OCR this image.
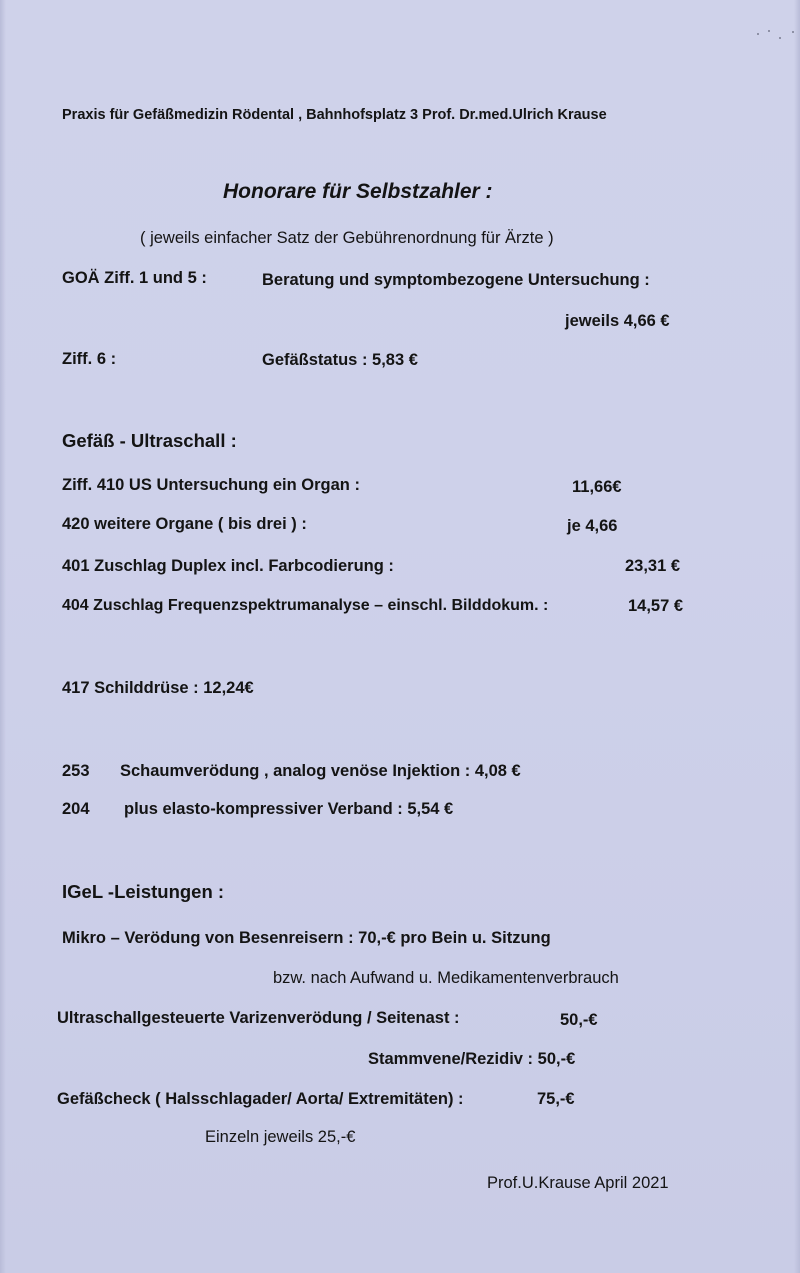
Praxis für Gefäßmedizin Rödental , Bahnhofsplatz 3 Prof. Dr.med.Ulrich Krause
Honorare für Selbstzahler :
( jeweils einfacher Satz der Gebührenordnung für Ärzte )
GOÄ Ziff. 1 und 5 :	Beratung und symptombezogene Untersuchung :
jeweils 4,66 €
Ziff. 6 :	Gefäßstatus : 5,83 €
Gefäß - Ultraschall :
Ziff. 410 US Untersuchung ein Organ :	11,66€
420 weitere Organe ( bis drei ) :	je 4,66
401 Zuschlag Duplex incl. Farbcodierung :	23,31 €
404 Zuschlag Frequenzspektrumanalyse – einschl. Bilddokum. :	14,57 €
417 Schilddrüse : 12,24€
253 Schaumverödung , analog venöse Injektion : 4,08 €
204 plus elasto-kompressiver Verband : 5,54 €
IGeL -Leistungen :
Mikro – Verödung von Besenreisern : 70,-€ pro Bein u. Sitzung
bzw. nach Aufwand u. Medikamentenverbrauch
Ultraschallgesteuerte Varizenverödung / Seitenast :	50,-€
Stammvene/Rezidiv : 50,-€
Gefäßcheck ( Halsschlagader/ Aorta/ Extremitäten) :	75,-€
Einzeln jeweils 25,-€
Prof.U.Krause April 2021
